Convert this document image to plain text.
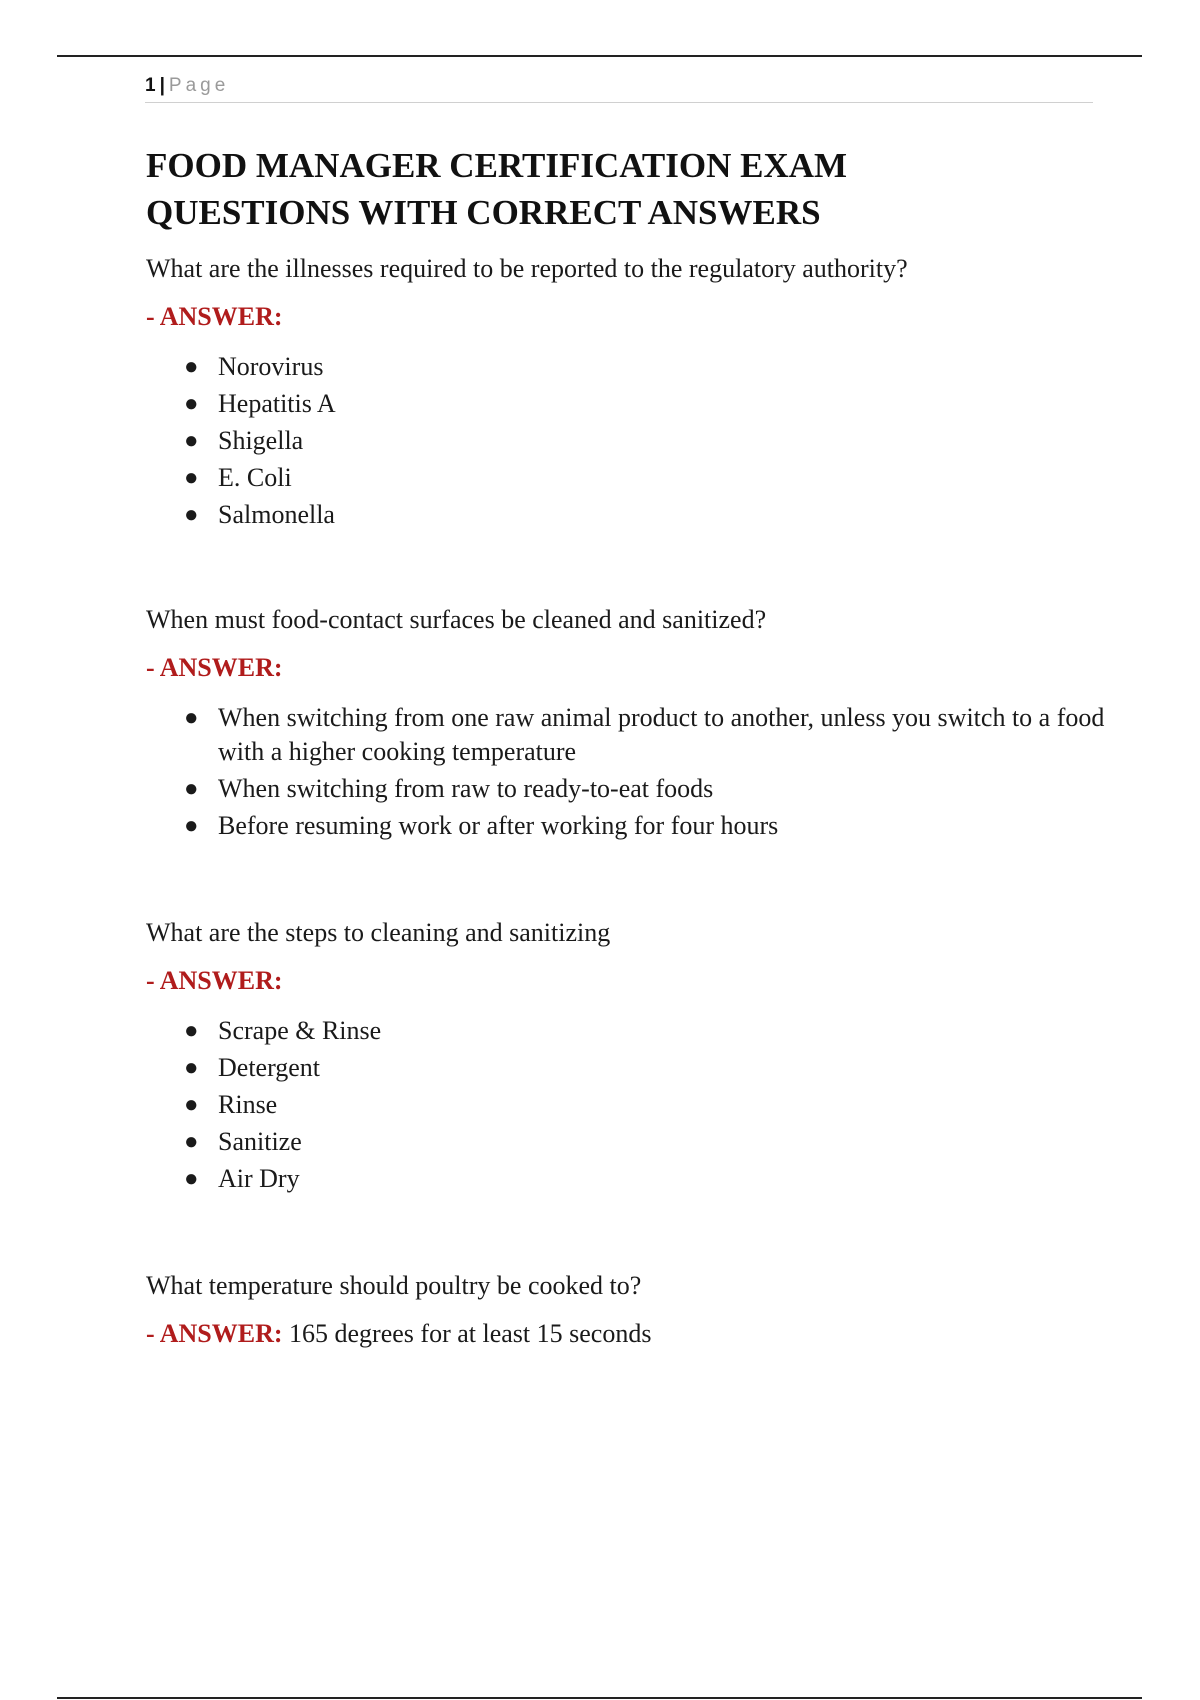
1 | Page
FOOD MANAGER CERTIFICATION EXAM
QUESTIONS WITH CORRECT ANSWERS

What are the illnesses required to be reported to the regulatory authority?

- ANSWER:

● Norovirus
● Hepatitis A
● Shigella
● E. Coli
● Salmonella

When must food-contact surfaces be cleaned and sanitized?

- ANSWER:

● When switching from one raw animal product to another, unless you switch to a food with a higher cooking temperature
● When switching from raw to ready-to-eat foods
● Before resuming work or after working for four hours

What are the steps to cleaning and sanitizing

- ANSWER:

● Scrape & Rinse
● Detergent
● Rinse
● Sanitize
● Air Dry

What temperature should poultry be cooked to?

- ANSWER: 165 degrees for at least 15 seconds
